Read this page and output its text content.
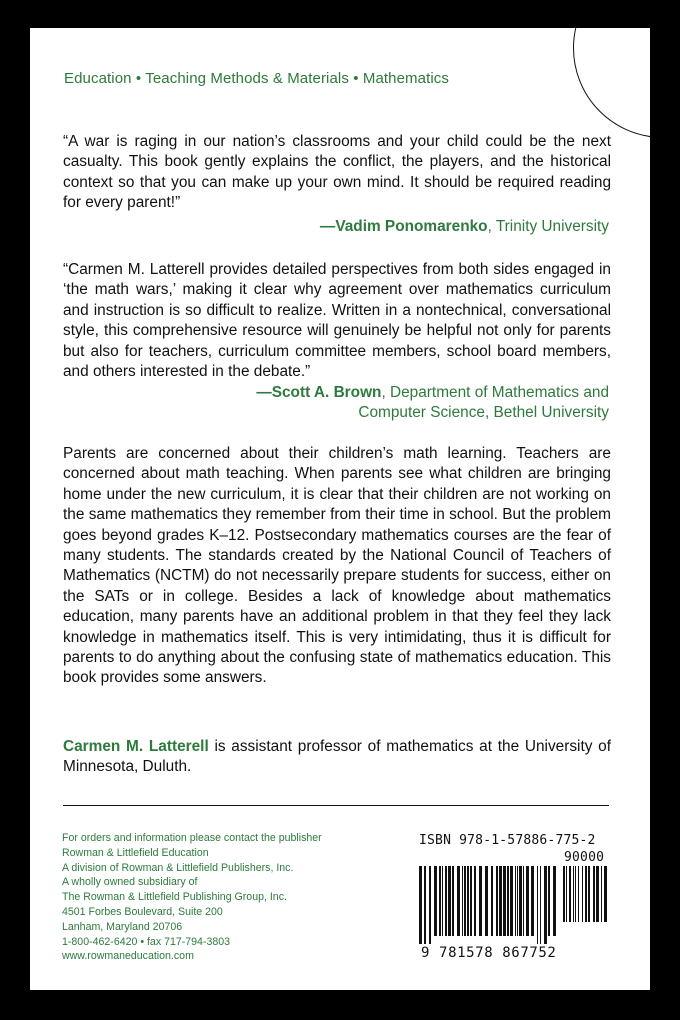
Education • Teaching Methods & Materials • Mathematics
“A war is raging in our nation’s classrooms and your child could be the next casualty. This book gently explains the conflict, the players, and the historical context so that you can make up your own mind. It should be required reading for every parent!”
—Vadim Ponomarenko, Trinity University
“Carmen M. Latterell provides detailed perspectives from both sides engaged in ‘the math wars,’ making it clear why agreement over mathematics curriculum and instruction is so difficult to realize. Written in a nontechnical, conversational style, this comprehensive resource will genuinely be helpful not only for parents but also for teachers, curriculum committee members, school board members, and others interested in the debate.”
—Scott A. Brown, Department of Mathematics and
Computer Science, Bethel University
Parents are concerned about their children’s math learning. Teachers are concerned about math teaching. When parents see what children are bringing home under the new curriculum, it is clear that their children are not working on the same mathematics they remember from their time in school. But the problem goes beyond grades K–12. Postsecondary mathematics courses are the fear of many students. The standards created by the National Council of Teachers of Mathematics (NCTM) do not necessarily prepare students for success, either on the SATs or in college. Besides a lack of knowledge about mathematics education, many parents have an additional problem in that they feel they lack knowledge in mathematics itself. This is very intimidating, thus it is difficult for parents to do anything about the confusing state of mathematics education. This book provides some answers.
Carmen M. Latterell is assistant professor of mathematics at the University of Minnesota, Duluth.
For orders and information please contact the publisher
Rowman & Littlefield Education
A division of Rowman & Littlefield Publishers, Inc.
A wholly owned subsidiary of
The Rowman & Littlefield Publishing Group, Inc.
4501 Forbes Boulevard, Suite 200
Lanham, Maryland 20706
1-800-462-6420 • fax 717-794-3803
www.rowmaneducation.com
ISBN 978-1-57886-775-2
90000
9 781578 867752
